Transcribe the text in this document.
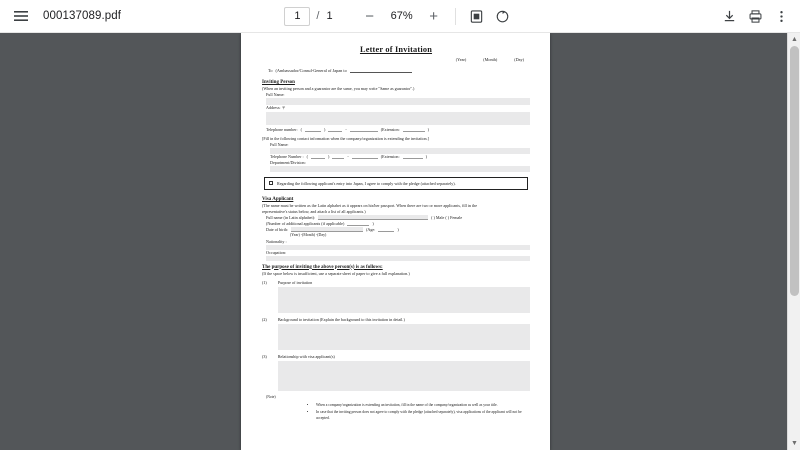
000137089.pdf
1	/ 1 −	67%	+
Letter of Invitation
(Year)	(Month)	(Day)
To (Ambassador/Consul-General of Japan to
Inviting Person
(When an inviting person and a guarantor are the same, you may write "Same as guarantor".)
Full Name:
Address: 〒
Telephone number: (	)	-	(Extension:	)
[Fill in the following contact information when the company/organization is extending the invitation.]
Full Name:
Telephone Number : (	)	-	(Extension:	)
Department/Division:
Regarding the following applicant's entry into Japan, I agree to comply with the pledge (attached separately).
Visa Applicant
(The name must be written as the Latin alphabet as it appears on his/her passport. When there are two or more applicants, fill in the
representative's status below, and attach a list of all applicants.)
Full name (in Latin alphabet):	( ) Male ( ) Female
(Number of additional applicants (if applicable)	)
Date of birth:	(Age:	)
(Year) -(Month) -(Day)
Nationality :
Occupation:
The purpose of inviting the above person(s) is as follows:
(If the space below is insufficient, use a separate sheet of paper to give a full explanation.)
(1)	Purpose of invitation
(2)	Background to invitation (Explain the background to this invitation in detail.)
(3)	Relationship with visa applicant(s)
(Note)
• When a company/organization is extending an invitation, fill in the name of the company/organization as well as your title.
• In case that the inviting person does not agree to comply with the pledge (attached separately), visa applications of the applicant will not be accepted.
▲
▼
